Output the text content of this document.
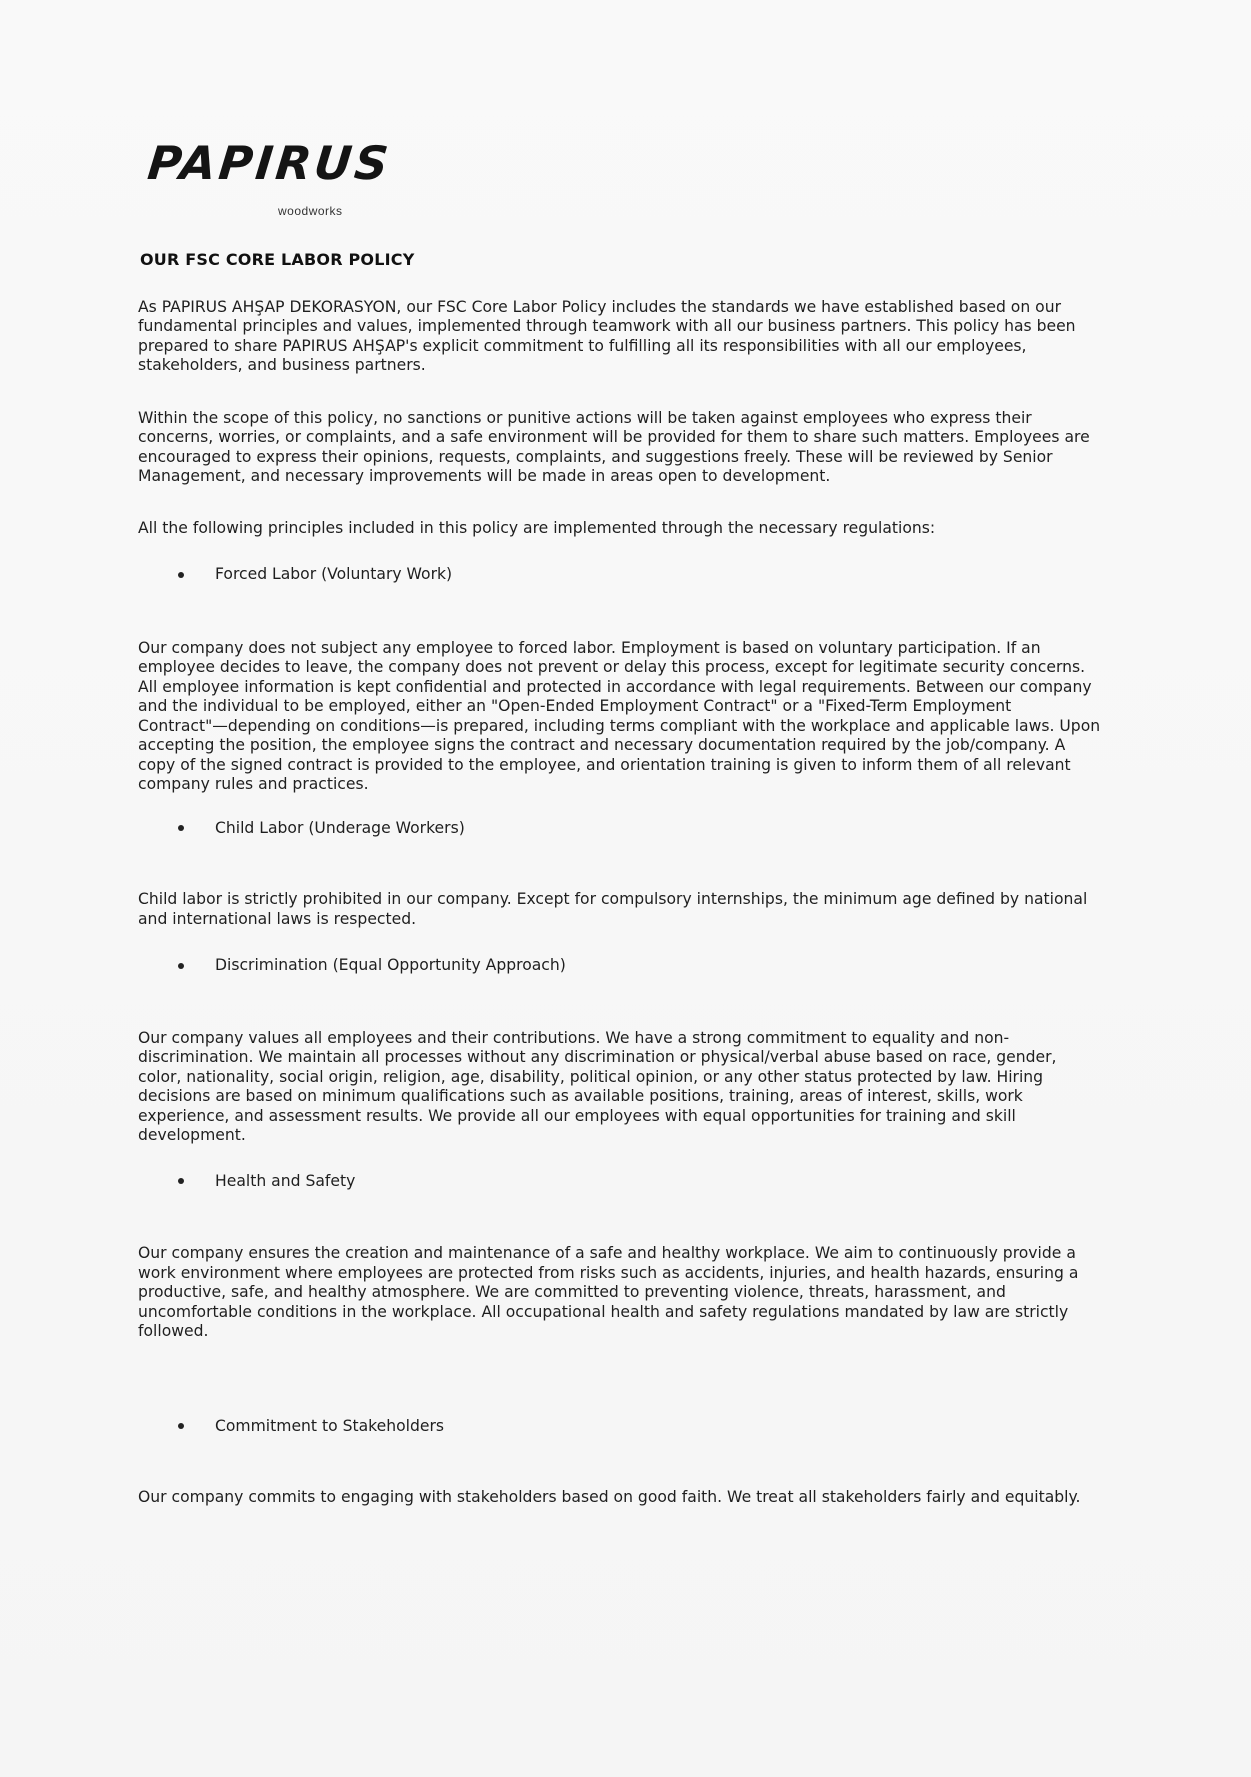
PAPIRUS
woodworks
OUR FSC CORE LABOR POLICY

As PAPIRUS AHŞAP DEKORASYON, our FSC Core Labor Policy includes the standards we have established based on our fundamental principles and values, implemented through teamwork with all our business partners. This policy has been prepared to share PAPIRUS AHŞAP's explicit commitment to fulfilling all its responsibilities with all our employees, stakeholders, and business partners.

Within the scope of this policy, no sanctions or punitive actions will be taken against employees who express their concerns, worries, or complaints, and a safe environment will be provided for them to share such matters. Employees are encouraged to express their opinions, requests, complaints, and suggestions freely. These will be reviewed by Senior Management, and necessary improvements will be made in areas open to development.

All the following principles included in this policy are implemented through the necessary regulations:

Forced Labor (Voluntary Work)

Our company does not subject any employee to forced labor. Employment is based on voluntary participation. If an employee decides to leave, the company does not prevent or delay this process, except for legitimate security concerns. All employee information is kept confidential and protected in accordance with legal requirements. Between our company and the individual to be employed, either an "Open-Ended Employment Contract" or a "Fixed-Term Employment Contract"—depending on conditions—is prepared, including terms compliant with the workplace and applicable laws. Upon accepting the position, the employee signs the contract and necessary documentation required by the job/company. A copy of the signed contract is provided to the employee, and orientation training is given to inform them of all relevant company rules and practices.

Child Labor (Underage Workers)

Child labor is strictly prohibited in our company. Except for compulsory internships, the minimum age defined by national and international laws is respected.

Discrimination (Equal Opportunity Approach)

Our company values all employees and their contributions. We have a strong commitment to equality and non-discrimination. We maintain all processes without any discrimination or physical/verbal abuse based on race, gender, color, nationality, social origin, religion, age, disability, political opinion, or any other status protected by law. Hiring decisions are based on minimum qualifications such as available positions, training, areas of interest, skills, work experience, and assessment results. We provide all our employees with equal opportunities for training and skill development.

Health and Safety

Our company ensures the creation and maintenance of a safe and healthy workplace. We aim to continuously provide a work environment where employees are protected from risks such as accidents, injuries, and health hazards, ensuring a productive, safe, and healthy atmosphere. We are committed to preventing violence, threats, harassment, and uncomfortable conditions in the workplace. All occupational health and safety regulations mandated by law are strictly followed.

Commitment to Stakeholders

Our company commits to engaging with stakeholders based on good faith. We treat all stakeholders fairly and equitably.
